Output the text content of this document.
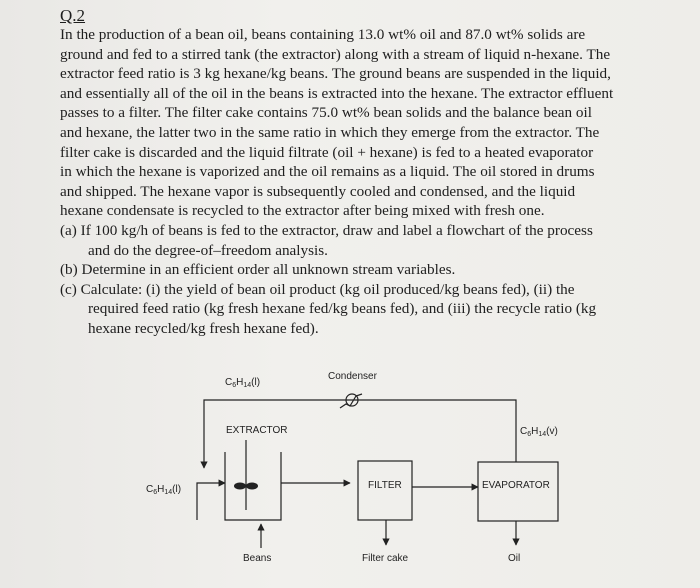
Q.2

In the production of a bean oil, beans containing 13.0 wt% oil and 87.0 wt% solids are

ground and fed to a stirred tank (the extractor) along with a stream of liquid n-hexane. The

extractor feed ratio is 3 kg hexane/kg beans. The ground beans are suspended in the liquid,

and essentially all of the oil in the beans is extracted into the hexane. The extractor effluent

passes to a filter. The filter cake contains 75.0 wt% bean solids and the balance bean oil

and hexane, the latter two in the same ratio in which they emerge from the extractor. The

filter cake is discarded and the liquid filtrate (oil + hexane) is fed to a heated evaporator

in which the hexane is vaporized and the oil remains as a liquid. The oil stored in drums

and shipped. The hexane vapor is subsequently cooled and condensed, and the liquid

hexane condensate is recycled to the extractor after being mixed with fresh one.

(a) If 100 kg/h of beans is fed to the extractor, draw and label a flowchart of the process

and do the degree-of–freedom analysis.

(b) Determine in an efficient order all unknown stream variables.

(c) Calculate: (i) the yield of bean oil product (kg oil produced/kg beans fed), (ii) the

required feed ratio (kg fresh hexane fed/kg beans fed), and (iii) the recycle ratio (kg

hexane recycled/kg fresh hexane fed).

Condenser
$C_6H_{14}(l)$
$C_6H_{14}(v)$
$C_6H_{14}(l)$
EXTRACTOR
FILTER	EVAPORATOR
Beans	Filter cake	Oil
